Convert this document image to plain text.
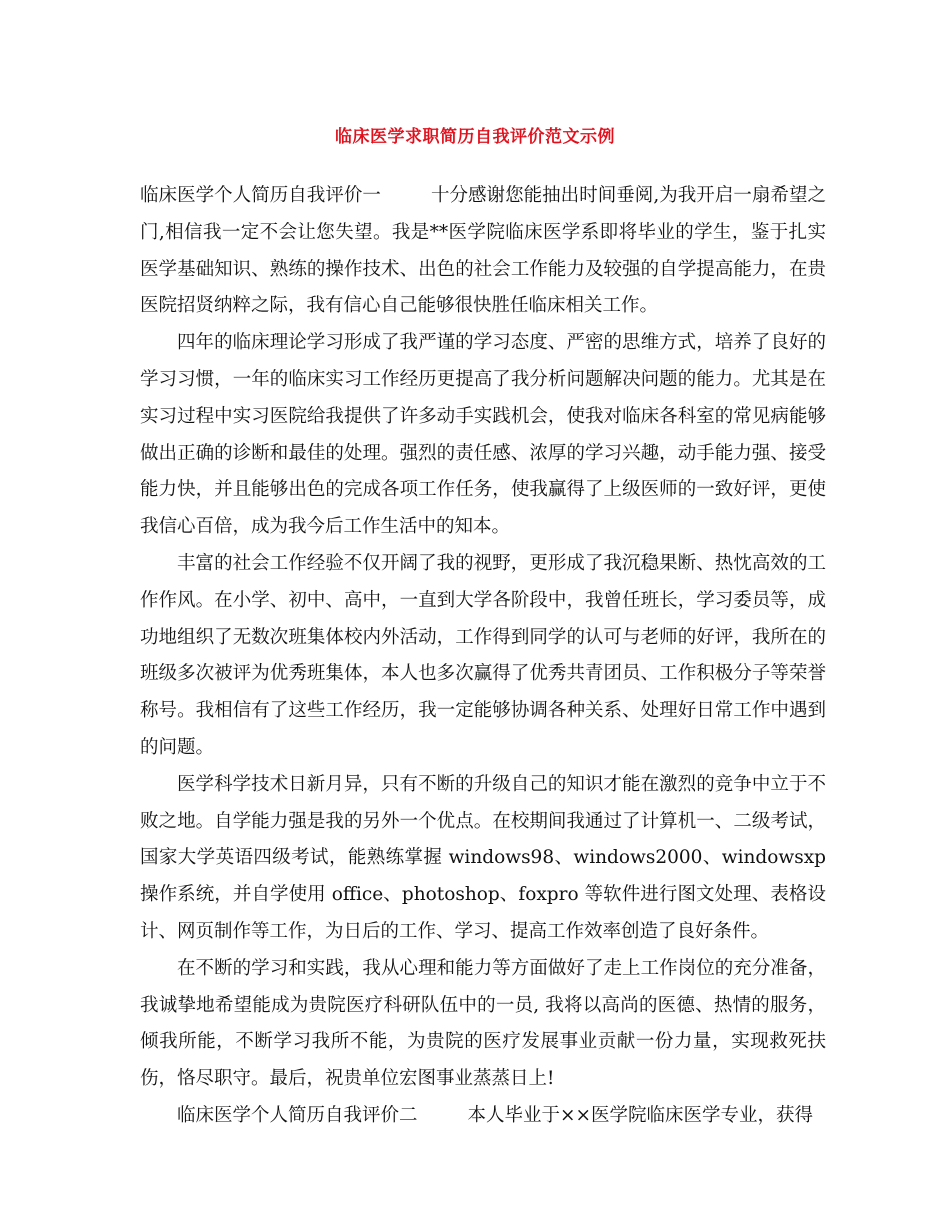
临床医学求职简历自我评价范文示例

临床医学个人简历自我评价一	十分感谢您能抽出时间垂阅,为我开启一扇希望之门,相信我一定不会让您失望。我是**医学院临床医学系即将毕业的学生，鉴于扎实医学基础知识、熟练的操作技术、出色的社会工作能力及较强的自学提高能力，在贵医院招贤纳粹之际，我有信心自己能够很快胜任临床相关工作。

四年的临床理论学习形成了我严谨的学习态度、严密的思维方式，培养了良好的学习习惯，一年的临床实习工作经历更提高了我分析问题解决问题的能力。尤其是在实习过程中实习医院给我提供了许多动手实践机会，使我对临床各科室的常见病能够做出正确的诊断和最佳的处理。强烈的责任感、浓厚的学习兴趣，动手能力强、接受能力快，并且能够出色的完成各项工作任务，使我赢得了上级医师的一致好评，更使我信心百倍，成为我今后工作生活中的知本。

丰富的社会工作经验不仅开阔了我的视野，更形成了我沉稳果断、热忱高效的工作作风。在小学、初中、高中，一直到大学各阶段中，我曾任班长，学习委员等，成功地组织了无数次班集体校内外活动，工作得到同学的认可与老师的好评，我所在的班级多次被评为优秀班集体，本人也多次赢得了优秀共青团员、工作积极分子等荣誉称号。我相信有了这些工作经历，我一定能够协调各种关系、处理好日常工作中遇到的问题。

医学科学技术日新月异，只有不断的升级自己的知识才能在激烈的竞争中立于不败之地。自学能力强是我的另外一个优点。在校期间我通过了计算机一、二级考试，国家大学英语四级考试，能熟练掌握 windows98、windows2000、windowsxp 操作系统，并自学使用 office、photoshop、foxpro 等软件进行图文处理、表格设计、网页制作等工作，为日后的工作、学习、提高工作效率创造了良好条件。

在不断的学习和实践，我从心理和能力等方面做好了走上工作岗位的充分准备，我诚挚地希望能成为贵院医疗科研队伍中的一员, 我将以高尚的医德、热情的服务，倾我所能，不断学习我所不能，为贵院的医疗发展事业贡献一份力量，实现救死扶伤，恪尽职守。最后，祝贵单位宏图事业蒸蒸日上!

临床医学个人简历自我评价二	本人毕业于××医学院临床医学专业，获得
